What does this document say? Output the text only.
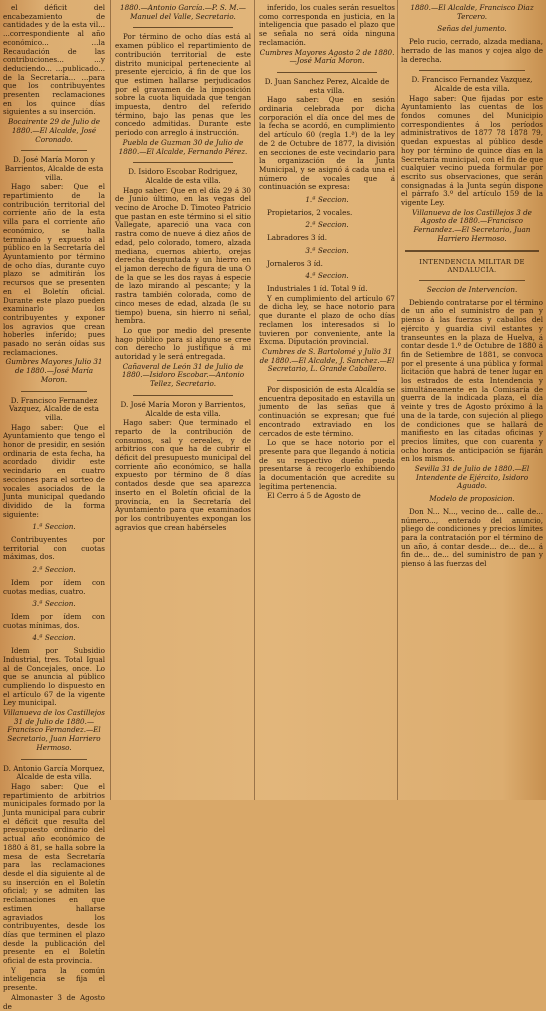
el déficit del encabezamiento de cantidades y de la esta vil... ...correspondiente al año económico... ...la Recaudación de las contribuciones... ...y deduciendo... ...publicado... de la Secretaría... ...para que los contribuyentes presenten reclamaciones en los quince días siguientes a su inserción.

Bocairente 29 de Julio de 1880.—El Alcalde, José Coronado.

D. José María Moron y Barrientos, Alcalde de esta villa.

Hago saber: Que el repartimiento de la contribución territorial del corriente año de la esta villa para el corriente año económico, se halla terminado y expuesto al público en la Secretaría del Ayuntamiento por término de ocho días, durante cuyo plazo se admitirán los recursos que se presenten en el Boletín oficial. Durante este plazo pueden examinarlo los contribuyentes y exponer los agravios que crean hoberles inferido; pues pasado no serán oídas sus reclamaciones.

Gumbres Mayores Julio 31 de 1880.—José María Moron.

D. Francisco Fernandez Vazquez, Alcalde de esta villa.

Hago saber: Que el Ayuntamiento que tengo el honor de presidir, en sesión ordinaria de esta fecha, ha acordado dividir este vecindario en cuatro secciones para el sorteo de vocales asociados de la Junta municipal quedando dividido de la forma siguiente:

1.ª Seccion.

Contribuyentes por territorial con cuotas máximas, dos.

2.ª Seccion.

Idem por ídem con cuotas medias, cuatro.

3.ª Seccion.

Idem por ídem con cuotas mínimas, dos.

4.ª Seccion.

Idem por Subsidio Industrial, tres. Total Igual al de Concejales, once. Lo que se anuncia al público cumpliendo lo dispuesto en el artículo 67 de la vigente Ley municipal.

Villanueva de los Castillejos 31 de Julio de 1880.—Francisco Fernandez.—El Secretario, Juan Harriero Hermoso.

D. Antonio García Morquez, Alcalde de esta villa.

Hago saber: Que el repartimiento de arbitrios municipales formado por la Junta municipal para cubrir el déficit que resulta del presupuesto ordinario del actual año económico de 1880 á 81, se halla sobre la mesa de esta Secretaría para las reclamaciones desde el día siguiente al de su inserción en el Boletín oficial; y se admiten las reclamaciones en que estimen hallarse agraviados los contribuyentes, desde los días que terminen el plazo desde la publicación del presente en el Boletín oficial de esta provincia.

Y para la común inteligencia se fija el presente.

Almonaster 3 de Agosto de

1880.—Antonio García.—P. S. M.—Manuel del Valle, Secretario.

Por término de ocho días está al examen público el repartimiento de contribución territorial de este distrito municipal perteneciente al presente ejercicio, á fin de que los que estimen hallarse perjudicados por el gravamen de la imposición sobre la cuota liquidada que tengan impuesta, dentro del referido término, bajo las penas que les concedo admitidas. Durante este periodo con arreglo á instrucción.

Puebla de Guzman 30 de Julio de 1880.—El Alcalde, Fernando Pérez.

D. Isidoro Escobar Rodriguez, Alcalde de esta villa.

Hago saber: Que en el día 29 á 30 de Junio último, en las vegas del vecino de Aroche D. Timoteo Patricio que pastan en este término si el sitio Vallegate, apareció una vaca con rastra como de nueve á diez años de edad, pelo colorado, tomero, alzada mediana, cuernos abierto, orejas derecha despuntada y un hierro en el jamon derecho de figura de una O de la que se les dos rayas á especie de lazo mirando al pescante; y la rastra también colorada, como de cinco meses de edad, alzada (le su tiempo) buena, sin hierro ni señal, hembra.

Lo que por medio del presente hago público para si alguno se cree con derecho lo justifique á mi autoridad y le será entregada.

Cañaveral de León 31 de Julio de 1880.—Isidoro Escobar.—Antonio Tellez, Secretario.

D. José María Moron y Barrientos, Alcalde de esta villa.

Hago saber: Que terminado el reparto de la contribución de consumos, sal y cereales, y de arbitrios con que ha de cubrir el déficit del presupuesto municipal del corriente año económico, se halla expuesto por término de 8 días contados desde que sea aparezca inserto en el Boletín oficial de la provincia, en la Secretaría del Ayuntamiento para que examinados por los contribuyentes expongan los agravios que crean habérseles

inferido, los cuales serán resueltos como corresponda en justicia, en la inteligencia que pasado el plazo que se señala no será oída ninguna reclamación.

Cumbres Mayores Agosto 2 de 1880.—José María Moron.

D. Juan Sanchez Perez, Alcalde de esta villa.

Hago saber: Que en sesión ordinaria celebrada por dicha corporación el día once del mes de la fecha se acordó, en cumplimiento del artículo 60 (regla 1.ª) de la ley de 2 de Octubre de 1877, la división en secciones de este vecindario para la organización de la Junta Municipal, y se asignó á cada una el número de vocales que á continuación se expresa:

1.ª Seccion.

Propietarios, 2 vocales.

2.ª Seccion.

Labradores 3 íd.

3.ª Seccion.

Jornaleros 3 íd.

4.ª Seccion.

Industriales 1 íd. Total 9 íd.

Y en cumplimiento del artículo 67 de dicha ley, se hace notorio para que durante el plazo de ocho días reclamen los interesados si lo tuvieren por conveniente, ante la Excma. Diputación provincial.

Cumbres de S. Bartolomé y Julio 31 de 1880.—El Alcalde, J. Sanchez.—El Secretario, L. Grande Caballero.

Por disposición de esta Alcaldía se encuentra depositado en estavilla un jumento de las señas que á continuación se expresan; que fué encontrado extraviado en los cercados de este término.

Lo que se hace notorio por el presente para que llegando á noticia de su respectivo dueño pueda presentarse á recogerlo exhibiendo la documentación que acredite su legítima pertenencia.

El Cerro á 5 de Agosto de

1880.—El Alcalde, Francisco Diaz Tercero.

Señas del jumento.

Pelo rucio, cerrado, alzada mediana, herrado de las manos y cojea algo de la derecha.

D. Francisco Fernandez Vazquez, Alcalde de esta villa.

Hago saber: Que fijadas por este Ayuntamiento las cuentas de los fondos comunes del Municipio correspondientes á los períodos administrativos de 1877 78 1878 79, quedan expuestas al público desde hoy por término de quince días en la Secretaría municipal, con el fin de que cualquier vecino pueda formular por escrito sus observaciones, que serán consignadas á la Junta según dispone el párrafo 3.º del artículo 159 de la vigente Ley.

Villanueva de los Castillejos 3 de Agosto de 1880.—Francisco Fernandez.—El Secretario, Juan Harriero Hermoso.

INTENDENCIA MILITAR DE ANDALUCÍA.

Seccion de Intervencion.

Debiendo contratarse por el término de un año el suministro de pan y pienso á las fuerzas y caballos del ejército y guardia civil estantes y transeuntes en la plaza de Huelva, á contar desde 1.º de Octubre de 1880 á fin de Setiembre de 1881, se convoca por el presente á una pública y formal licitación que habrá de tener lugar en los estrados de esta Intendencia y simultáneamente en la Comisaría de guerra de la indicada plaza, el día veinte y tres de Agosto próximo á la una de la tarde, con sujeción al pliego de condiciones que se hallará de manifiesto en las citadas oficinas y precios límites, que con cuarenta y ocho horas de anticipación se fijarán en los mismos.

Sevilla 31 de Julio de 1880.—El Intendente de Ejército, Isidoro Aguado.

Modelo de proposicion.

Don N... N..., vecino de... calle de... número..., enterado del anuncio, pliego de condiciones y precios límites para la contratación por el término de un año, á contar desde... de... de... á fin de... de... del suministro de pan y pienso á las fuerzas del
